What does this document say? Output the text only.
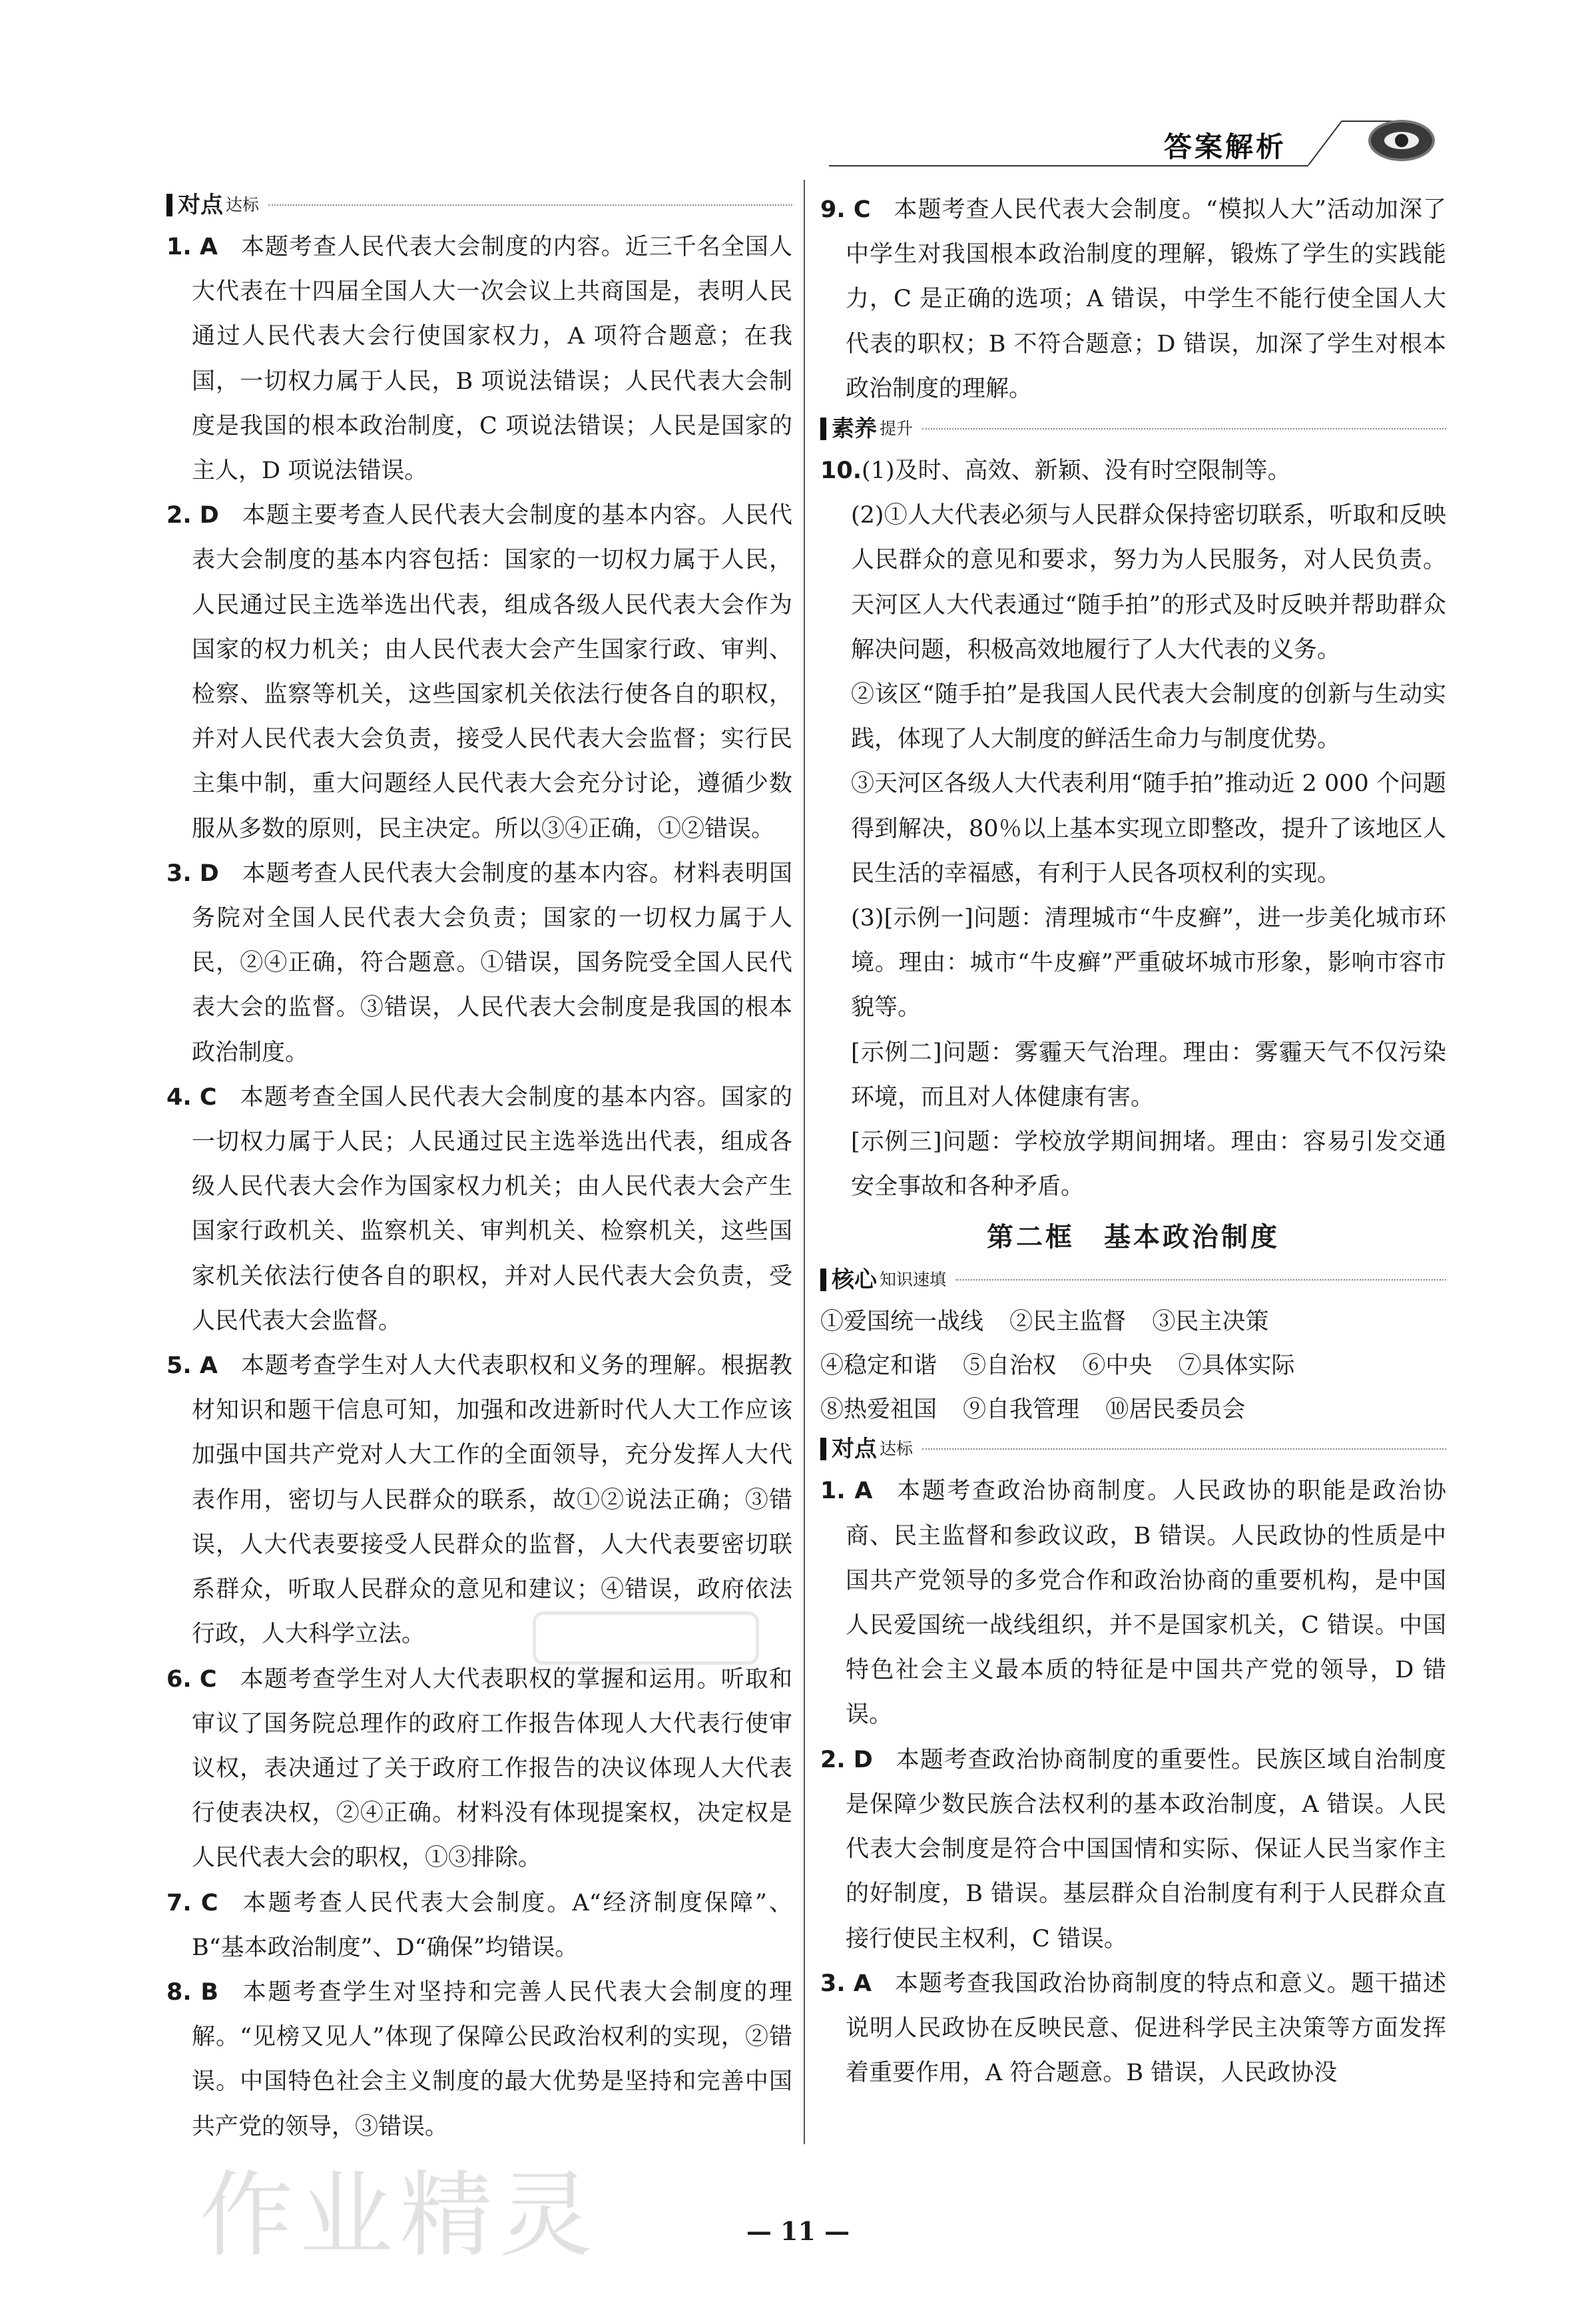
答案解析
对点 达标
1. A 本题考查人民代表大会制度的内容。近三千名全国人大代表在十四届全国人大一次会议上共商国是，表明人民通过人民代表大会行使国家权力，A 项符合题意；在我国，一切权力属于人民，B 项说法错误；人民代表大会制度是我国的根本政治制度，C 项说法错误；人民是国家的主人，D 项说法错误。
2. D 本题主要考查人民代表大会制度的基本内容。人民代表大会制度的基本内容包括：国家的一切权力属于人民，人民通过民主选举选出代表，组成各级人民代表大会作为国家的权力机关；由人民代表大会产生国家行政、审判、检察、监察等机关，这些国家机关依法行使各自的职权，并对人民代表大会负责，接受人民代表大会监督；实行民主集中制，重大问题经人民代表大会充分讨论，遵循少数服从多数的原则，民主决定。所以③④正确，①②错误。
3. D 本题考查人民代表大会制度的基本内容。材料表明国务院对全国人民代表大会负责；国家的一切权力属于人民，②④正确，符合题意。①错误，国务院受全国人民代表大会的监督。③错误，人民代表大会制度是我国的根本政治制度。
4. C 本题考查全国人民代表大会制度的基本内容。国家的一切权力属于人民；人民通过民主选举选出代表，组成各级人民代表大会作为国家权力机关；由人民代表大会产生国家行政机关、监察机关、审判机关、检察机关，这些国家机关依法行使各自的职权，并对人民代表大会负责，受人民代表大会监督。
5. A 本题考查学生对人大代表职权和义务的理解。根据教材知识和题干信息可知，加强和改进新时代人大工作应该加强中国共产党对人大工作的全面领导，充分发挥人大代表作用，密切与人民群众的联系，故①②说法正确；③错误，人大代表要接受人民群众的监督，人大代表要密切联系群众，听取人民群众的意见和建议；④错误，政府依法行政，人大科学立法。
6. C 本题考查学生对人大代表职权的掌握和运用。听取和审议了国务院总理作的政府工作报告体现人大代表行使审议权，表决通过了关于政府工作报告的决议体现人大代表行使表决权，②④正确。材料没有体现提案权，决定权是人民代表大会的职权，①③排除。
7. C 本题考查人民代表大会制度。A“经济制度保障”、B“基本政治制度”、D“确保”均错误。
8. B 本题考查学生对坚持和完善人民代表大会制度的理解。“见榜又见人”体现了保障公民政治权利的实现，②错误。中国特色社会主义制度的最大优势是坚持和完善中国共产党的领导，③错误。
9. C 本题考查人民代表大会制度。“模拟人大”活动加深了中学生对我国根本政治制度的理解，锻炼了学生的实践能力，C 是正确的选项；A 错误，中学生不能行使全国人大代表的职权；B 不符合题意；D 错误，加深了学生对根本政治制度的理解。
素养 提升
10.(1)及时、高效、新颖、没有时空限制等。
(2)①人大代表必须与人民群众保持密切联系，听取和反映人民群众的意见和要求，努力为人民服务，对人民负责。天河区人大代表通过“随手拍”的形式及时反映并帮助群众解决问题，积极高效地履行了人大代表的义务。
②该区“随手拍”是我国人民代表大会制度的创新与生动实践，体现了人大制度的鲜活生命力与制度优势。
③天河区各级人大代表利用“随手拍”推动近 2 000 个问题得到解决，80％以上基本实现立即整改，提升了该地区人民生活的幸福感，有利于人民各项权利的实现。
(3)[示例一]问题：清理城市“牛皮癣”，进一步美化城市环境。理由：城市“牛皮癣”严重破坏城市形象，影响市容市貌等。
[示例二]问题：雾霾天气治理。理由：雾霾天气不仅污染环境，而且对人体健康有害。
[示例三]问题：学校放学期间拥堵。理由：容易引发交通安全事故和各种矛盾。
第二框　基本政治制度
核心 知识速填
①爱国统一战线 ②民主监督 ③民主决策
④稳定和谐 ⑤自治权 ⑥中央 ⑦具体实际
⑧热爱祖国 ⑨自我管理 ⑩居民委员会
对点 达标
1. A 本题考查政治协商制度。人民政协的职能是政治协商、民主监督和参政议政，B 错误。人民政协的性质是中国共产党领导的多党合作和政治协商的重要机构，是中国人民爱国统一战线组织，并不是国家机关，C 错误。中国特色社会主义最本质的特征是中国共产党的领导，D 错误。
2. D 本题考查政治协商制度的重要性。民族区域自治制度是保障少数民族合法权利的基本政治制度，A 错误。人民代表大会制度是符合中国国情和实际、保证人民当家作主的好制度，B 错误。基层群众自治制度有利于人民群众直接行使民主权利，C 错误。
3. A 本题考查我国政治协商制度的特点和意义。题干描述说明人民政协在反映民意、促进科学民主决策等方面发挥着重要作用，A 符合题意。B 错误，人民政协没
作业精灵	— 11 —
